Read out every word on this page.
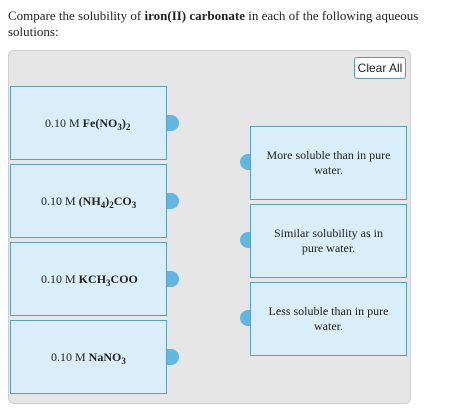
Compare the solubility of iron(II) carbonate in each of the following aqueous solutions:
Clear All
0.10 M $Fe(NO_3)_2$
0.10 M $(NH_4)_2CO_3$
0.10 M $KCH_3COO$
0.10 M NaNO$_3$
More soluble than in pure water.
Similar solubility as in pure water.
Less soluble than in pure water.
